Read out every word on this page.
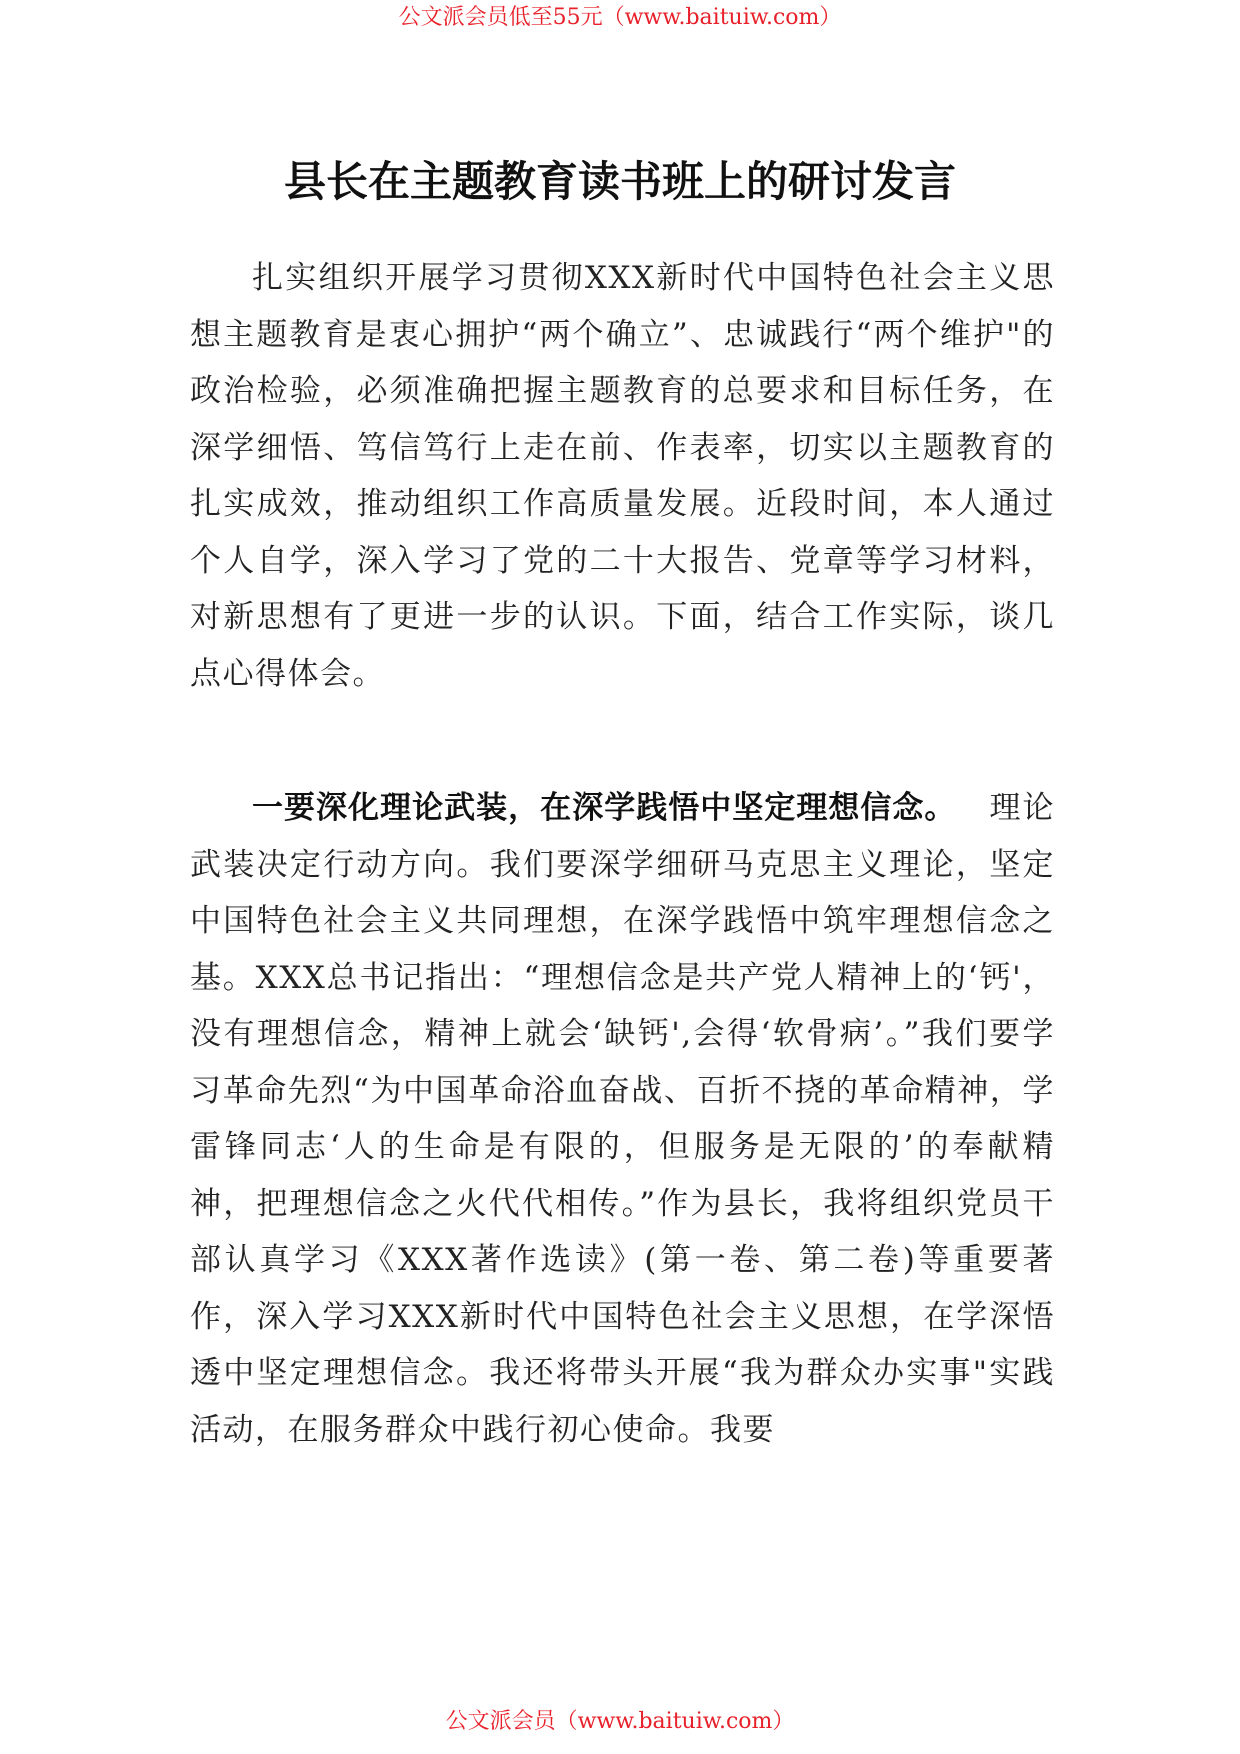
公文派会员低至55元（www.baituiw.com）
县长在主题教育读书班上的研讨发言

扎实组织开展学习贯彻XXX新时代中国特色社会主义思想主题教育是衷心拥护“两个确立”、忠诚践行“两个维护"的政治检验，必须准确把握主题教育的总要求和目标任务，在深学细悟、笃信笃行上走在前、作表率，切实以主题教育的扎实成效，推动组织工作高质量发展。近段时间，本人通过个人自学，深入学习了党的二十大报告、党章等学习材料，对新思想有了更进一步的认识。下面，结合工作实际，谈几点心得体会。

一要深化理论武装，在深学践悟中坚定理想信念。  理论武装决定行动方向。我们要深学细研马克思主义理论，坚定中国特色社会主义共同理想，在深学践悟中筑牢理想信念之基。XXX总书记指出：“理想信念是共产党人精神上的‘钙'，没有理想信念，精神上就会‘缺钙',会得‘软骨病’。”我们要学习革命先烈“为中国革命浴血奋战、百折不挠的革命精神，学雷锋同志‘人的生命是有限的，但服务是无限的’的奉献精神，把理想信念之火代代相传。”作为县长，我将组织党员干部认真学习《XXX著作选读》(第一卷、第二卷)等重要著作，深入学习XXX新时代中国特色社会主义思想，在学深悟透中坚定理想信念。我还将带头开展“我为群众办实事"实践活动，在服务群众中践行初心使命。我要

公文派会员（www.baituiw.com）
